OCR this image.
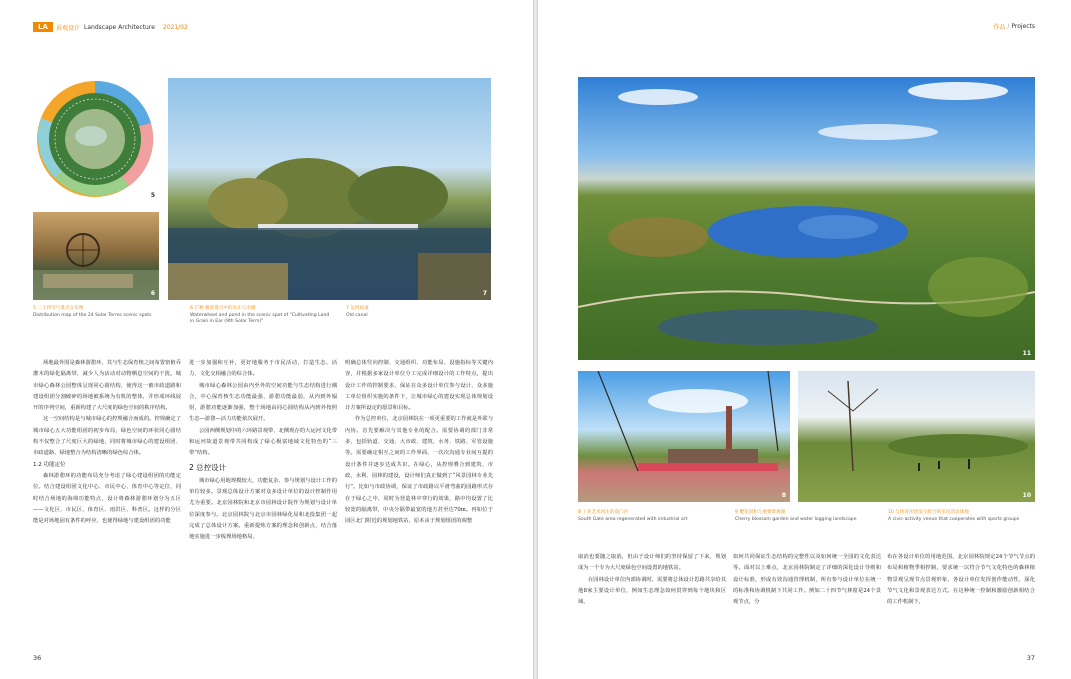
LA 景观设计 Landscape Architecture 2021/02
5
6	7
5 二十四节气景点分布图
Distribution map of the 24 Solar Terms scenic spots
6 芒种 耕读景点中的水车与水塘
Waterwheel and pond in the scenic spot of "Cultivating Land in Grain in Ear (9th Solar Term)"
7 运河故道
Old canal

场地最外围是森林游憩环，其与生态保育核之间布置密植乔灌木的绿化隔离带，减少人为活动对动物栖息空间的干扰。城市绿心森林公园整体呈现同心圆结构，使得这一被市政道路和建设组团分割破碎的场地被系统为有机的整体，并形成环线展开的序列空间，重新构建了大尺度的绿色空间的秩序结构。

这一空间结构是与城市绿心的控规融合而成的。控规确定了城市绿心五大功能组团的初步布局，绿色空间的环状同心圆结构不仅整合了尺度巨大的绿地，同时将城市绿心的建设组团、市政道路、绿地整合为结构清晰的绿色综合体。

1.2 功能定位

森林游憩环的功能布局充分考虑了绿心建设组团的功能定位。结合建设组团文化中心、市民中心、体育中心等定位，同时结合场地的海绵功能特点，设计将森林游憩环划分为五区——文化区、市民区、体育区、雨洪区、科普区。这样的分区能是对场地固有条件的呼应，也使得绿地与建设组团的功能

进一步加强和互补，更好地服务于市民活动，打造生态、活力、文化交相融合的综合体。

城市绿心森林公园由内至外的空间功能与生态结构进行耦合，中心保育核生态功能最强，游憩功能最弱，从内到外辐射，游憩功能逐渐加强，整个场地由同心圆结构从内到外按照生态—游憩—活力功能依次展开。

公园西侧规划中的六环路景观带、北侧现存的大运河文化带和运河故道景观带共同构成了绿心极富地域文化特色的“三带”结构。

2 总控设计

城市绿心用地规模较大，功能复杂、参与规划与设计工作的单位较多。景观总体设计方案对众多设计单位的设计控制作用尤为重要。北京园林院和北京市园林设计院作为规划与设计单位深度参与。北京园林院与北京市园林绿化局和北投集团一起完成了总体设计方案。重新提炼方案的理念和创新点，结合落地实施进一步梳理场地格局、

明确总体竖向控制、交通组织、功能布局、设施指标等关键内容，并根据多家设计单位分工完成详细设计的工作特点，提出设计工作的控制要求，保证在众多设计单位参与设计、众多施工单位组织实施的条件下，让城市绿心的建设实现总体规划设计方案所设定的愿景和目标。

作为总控单位，北京园林院在一项更重要的工作就是外联与内协。首先要解决与其他专业的配合。需要协调的部门非常多，包括轨道、交通、大市政、建筑、水务、铁路、军管设施等。需要确定相互之间的工作界面，一次次沟通专业间互提的设计条件并逐步达成共识。在绿心，从控规叠合到建筑、市政、水利、园林的建设，设计师们真正做到了“风景园林专业先行”。比如与市政协调，保证了市政路以平滑弯曲的园路形式存在于绿心之中，同时为营造林中穿行的效果，路中均设置了比较宽的隔离带，中央分隔带最宽的地方甚至达70m。再如位于园区北门附近的规划地铁站，原本由于规划组团的调整

36
作品 / Projects
11
8	10
8 工业艺术再生的南门区
South Gate area regenerated with industrial art
9 樱花园和与重要景观湖
Cherry blossom garden and water logging landscape
10 与体育团团发互配合的市民活动场地
A civic-activity venue that cooperates with sports groups

取消也要随之取消，但由于设计师们的坚持保留了下来，规划成为一个专为大尺度绿色空间设置的地铁站。

在园林设计单位内部协调时，需要将总体设计思路共享给其他8家主要设计单位，例如生态理念如何贯穿到每个地块和区域，

如何共同保证生态结构的完整性以及如何统一全园的文化表达等。面对以上难点，北京园林院制定了详细的深化设计导则和设计标准，形成有效沟通管理机制，所有参与设计单位在统一的标准和协调机制下共同工作。例如二十四节气林窗是24个景观节点，分

布在各设计单位的用地范围，北京园林院规定24个节气节点的布局和植物季相控制，要求统一以符合节气文化特色的森林植物景观呈现节点景观形象，各设计单位发挥创作能动性，深化节气文化和景观表达方式。在这种统一控制和激励创新相结合的工作机制下，

37
